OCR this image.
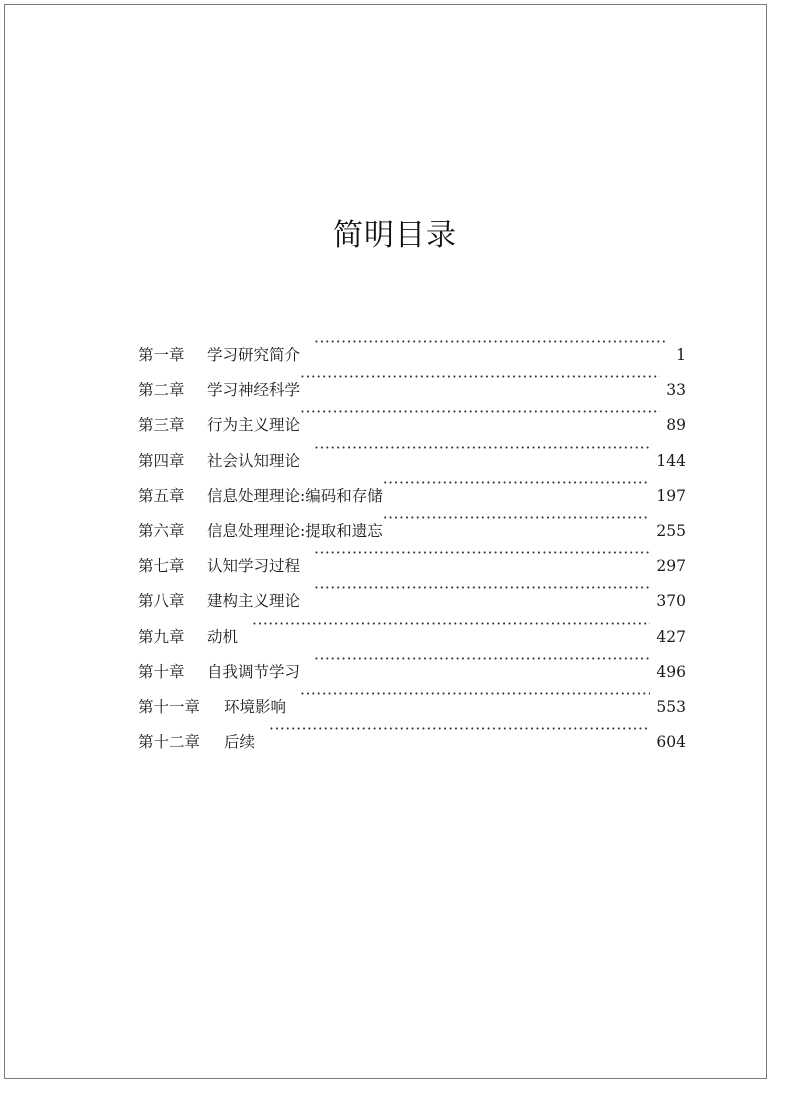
简明目录
第一章	学习研究简介 ·····	1
第二章	学习神经科学 ·····	33
第三章	行为主义理论 ·····	89
第四章	社会认知理论 ·····	144
第五章	信息处理理论:编码和存储 ·····	197
第六章	信息处理理论:提取和遗忘 ·····	255
第七章	认知学习过程 ·····	297
第八章	建构主义理论 ·····	370
第九章	动机 ·····	427
第十章	自我调节学习 ·····	496
第十一章	环境影响 ·····	553
第十二章	后续 ·····	604
